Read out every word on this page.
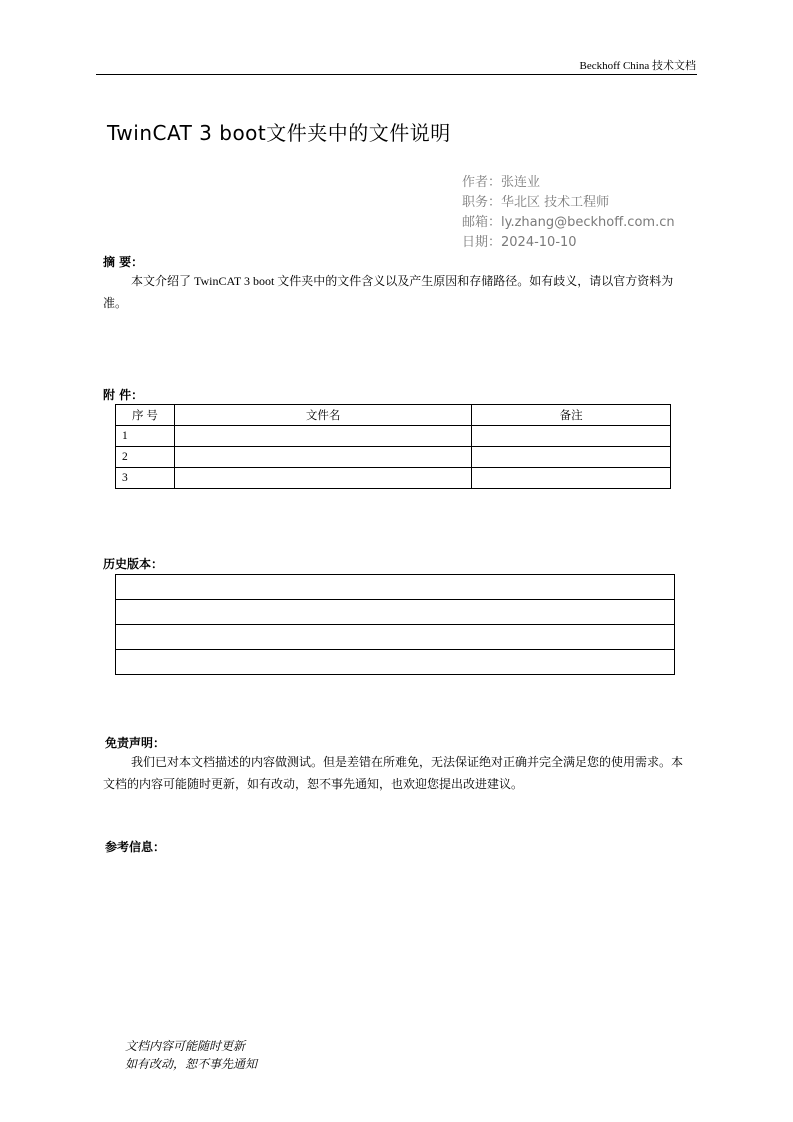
Beckhoff China 技术文档
TwinCAT 3 boot文件夹中的文件说明
作者：张连业
职务：华北区 技术工程师
邮箱：ly.zhang@beckhoff.com.cn
日期：2024-10-10
摘 要：
本文介绍了 TwinCAT 3 boot 文件夹中的文件含义以及产生原因和存储路径。如有歧义，请以官方资料为准。
附 件：
序 号	文件名	备注
1		
2		
3		
历史版本：

免责声明：
我们已对本文档描述的内容做测试。但是差错在所难免，无法保证绝对正确并完全满足您的使用需求。本文档的内容可能随时更新，如有改动，恕不事先通知，也欢迎您提出改进建议。
参考信息：
文档内容可能随时更新
如有改动，恕不事先通知
